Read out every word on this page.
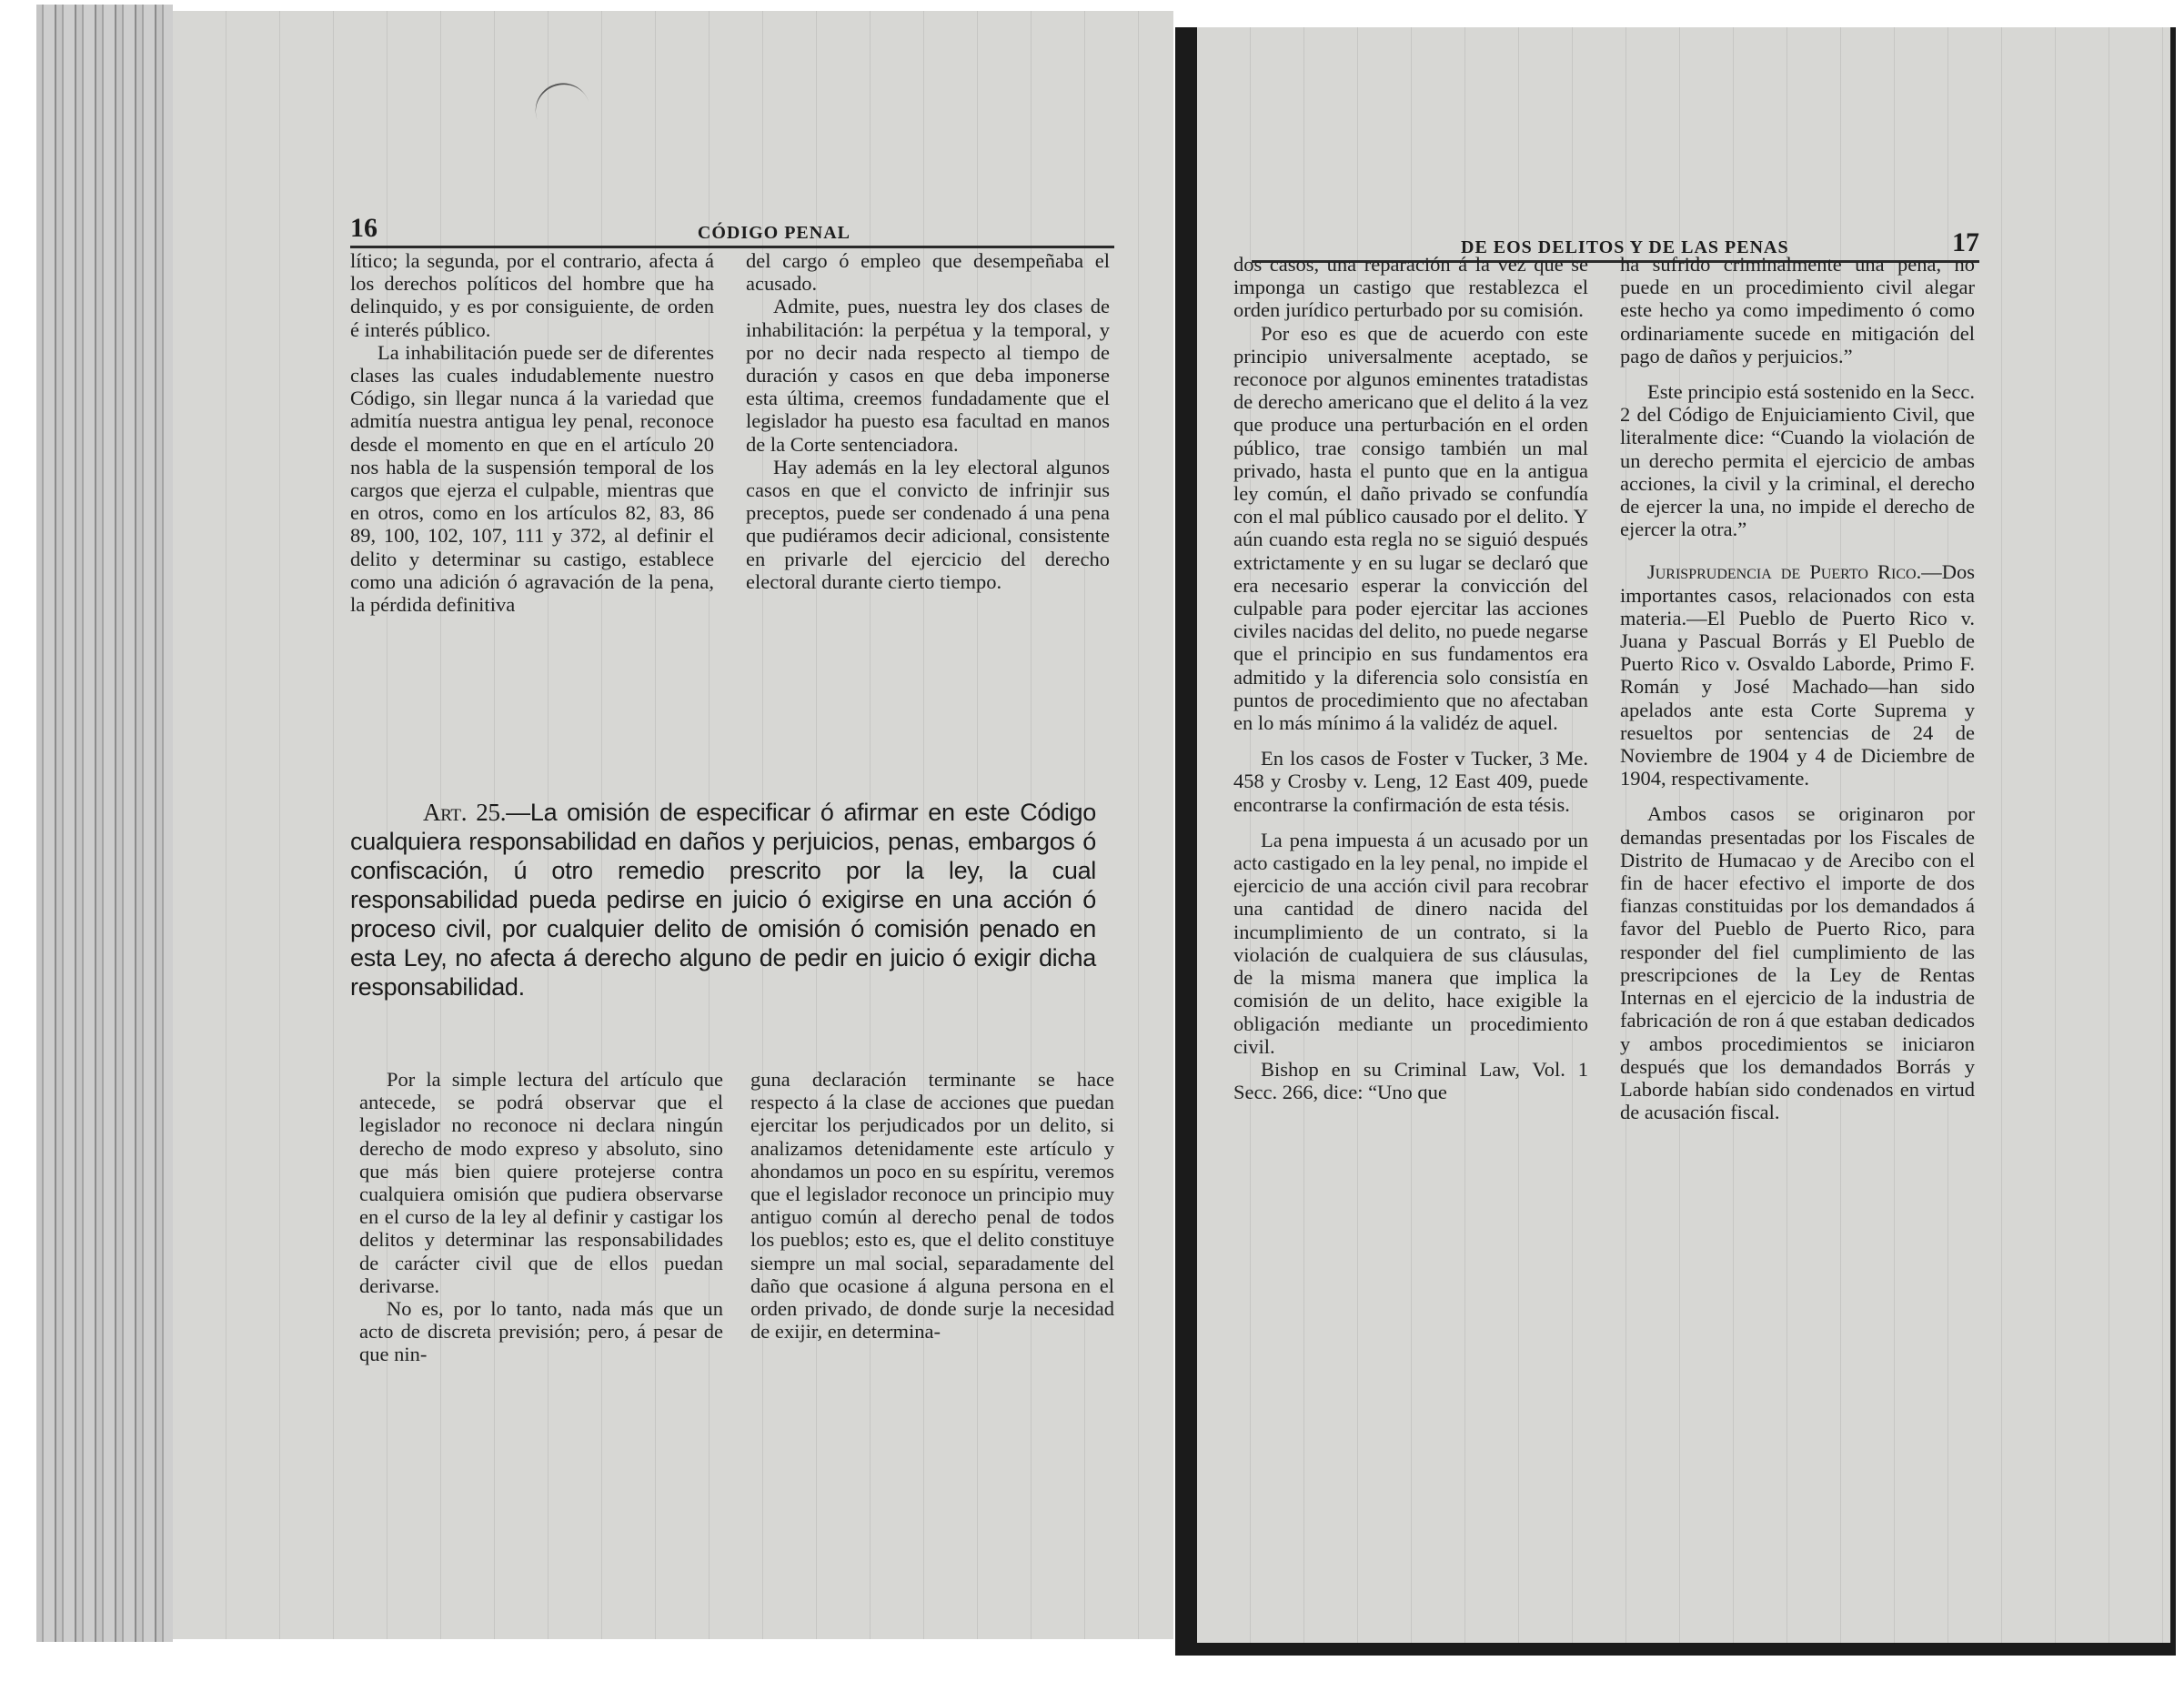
16	CÓDIGO PENAL

lítico; la segunda, por el contrario, afecta á los derechos políticos del hombre que ha delinquido, y es por consiguiente, de orden é interés público.

La inhabilitación puede ser de diferentes clases las cuales indudablemente nuestro Código, sin llegar nunca á la variedad que admitía nuestra antigua ley penal, reconoce desde el momento en que en el artículo 20 nos habla de la suspensión temporal de los cargos que ejerza el culpable, mientras que en otros, como en los artículos 82, 83, 86 89, 100, 102, 107, 111 y 372, al definir el delito y determinar su castigo, establece como una adición ó agravación de la pena, la pérdida definitiva

del cargo ó empleo que desempeñaba el acusado.

Admite, pues, nuestra ley dos clases de inhabilitación: la perpétua y la temporal, y por no decir nada respecto al tiempo de duración y casos en que deba imponerse esta última, creemos fundadamente que el legislador ha puesto esa facultad en manos de la Corte sentenciadora.

Hay además en la ley electoral algunos casos en que el convicto de infrinjir sus preceptos, puede ser condenado á una pena que pudiéramos decir adicional, consistente en privarle del ejercicio del derecho electoral durante cierto tiempo.

Art. 25.—La omisión de especificar ó afirmar en este Código cualquiera responsabilidad en daños y perjuicios, penas, embargos ó confiscación, ú otro remedio prescrito por la ley, la cual responsabilidad pueda pedirse en juicio ó exigirse en una acción ó proceso civil, por cualquier delito de omisión ó comisión penado en esta Ley, no afecta á derecho alguno de pedir en juicio ó exigir dicha responsabilidad.

Por la simple lectura del artículo que antecede, se podrá observar que el legislador no reconoce ni declara ningún derecho de modo expreso y absoluto, sino que más bien quiere protejerse contra cualquiera omisión que pudiera observarse en el curso de la ley al definir y castigar los delitos y determinar las responsabilidades de carácter civil que de ellos puedan derivarse.

No es, por lo tanto, nada más que un acto de discreta previsión; pero, á pesar de que nin-

guna declaración terminante se hace respecto á la clase de acciones que puedan ejercitar los perjudicados por un delito, si analizamos detenidamente este artículo y ahondamos un poco en su espíritu, veremos que el legislador reconoce un principio muy antiguo común al derecho penal de todos los pueblos; esto es, que el delito constituye siempre un mal social, separadamente del daño que ocasione á alguna persona en el orden privado, de donde surje la necesidad de exijir, en determina-

DE EOS DELITOS Y DE LAS PENAS	17

dos casos, una reparación á la vez que se imponga un castigo que restablezca el orden jurídico perturbado por su comisión.

Por eso es que de acuerdo con este principio universalmente aceptado, se reconoce por algunos eminentes tratadistas de derecho americano que el delito á la vez que produce una perturbación en el orden público, trae consigo también un mal privado, hasta el punto que en la antigua ley común, el daño privado se confundía con el mal público causado por el delito. Y aún cuando esta regla no se siguió después extrictamente y en su lugar se declaró que era necesario esperar la convicción del culpable para poder ejercitar las acciones civiles nacidas del delito, no puede negarse que el principio en sus fundamentos era admitido y la diferencia solo consistía en puntos de procedimiento que no afectaban en lo más mínimo á la validéz de aquel.

En los casos de Foster v Tucker, 3 Me. 458 y Crosby v. Leng, 12 East 409, puede encontrarse la confirmación de esta tésis.

La pena impuesta á un acusado por un acto castigado en la ley penal, no impide el ejercicio de una acción civil para recobrar una cantidad de dinero nacida del incumplimiento de un contrato, si la violación de cualquiera de sus cláusulas, de la misma manera que implica la comisión de un delito, hace exigible la obligación mediante un procedimiento civil.

Bishop en su Criminal Law, Vol. 1 Secc. 266, dice: “Uno que

ha sufrido criminalmente una pena, no puede en un procedimiento civil alegar este hecho ya como impedimento ó como ordinariamente sucede en mitigación del pago de daños y perjuicios.”

Este principio está sostenido en la Secc. 2 del Código de Enjuiciamiento Civil, que literalmente dice: “Cuando la violación de un derecho permita el ejercicio de ambas acciones, la civil y la criminal, el derecho de ejercer la una, no impide el derecho de ejercer la otra.”

Jurisprudencia de Puerto Rico.—Dos importantes casos, relacionados con esta materia.—El Pueblo de Puerto Rico v. Juana y Pascual Borrás y El Pueblo de Puerto Rico v. Osvaldo Laborde, Primo F. Román y José Machado—han sido apelados ante esta Corte Suprema y resueltos por sentencias de 24 de Noviembre de 1904 y 4 de Diciembre de 1904, respectivamente.

Ambos casos se originaron por demandas presentadas por los Fiscales de Distrito de Humacao y de Arecibo con el fin de hacer efectivo el importe de dos fianzas constituidas por los demandados á favor del Pueblo de Puerto Rico, para responder del fiel cumplimiento de las prescripciones de la Ley de Rentas Internas en el ejercicio de la industria de fabricación de ron á que estaban dedicados y ambos procedimientos se iniciaron después que los demandados Borrás y Laborde habían sido condenados en virtud de acusación fiscal.
